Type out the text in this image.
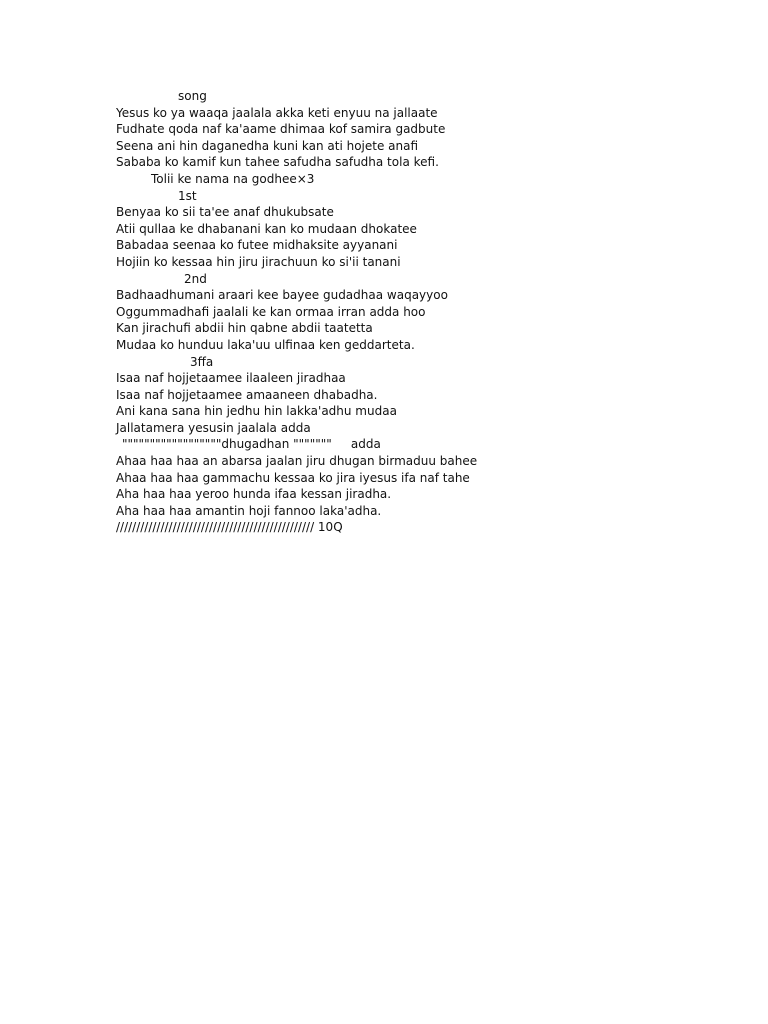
song
Yesus ko ya waaqa jaalala akka keti enyuu na jallaate
Fudhate qoda naf ka'aame dhimaa kof samira gadbute
Seena ani hin daganedha kuni kan ati hojete anafi
Sababa ko kamif kun tahee safudha safudha tola kefi.
Tolii ke nama na godhee×3
1st
Benyaa ko sii ta'ee anaf dhukubsate
Atii qullaa ke dhabanani kan ko mudaan dhokatee
Babadaa seenaa ko futee midhaksite ayyanani
Hojiin ko kessaa hin jiru jirachuun ko si'ii tanani
2nd
Badhaadhumani araari kee bayee gudadhaa waqayyoo
Oggummadhafi jaalali ke kan ormaa irran adda hoo
Kan jirachufi abdii hin qabne abdii taatetta
Mudaa ko hunduu laka'uu ulfinaa ken geddarteta.
3ffa
Isaa naf hojjetaamee ilaaleen jiradhaa
Isaa naf hojjetaamee amaaneen dhabadha.
Ani kana sana hin jedhu hin lakka'adhu mudaa
Jallatamera yesusin jaalala adda
""""""""""""""""""dhugadhan """""""     adda
Ahaa haa haa an abarsa jaalan jiru dhugan birmaduu bahee
Ahaa haa haa gammachu kessaa ko jira iyesus ifa naf tahe
Aha haa haa yeroo hunda ifaa kessan jiradha.
Aha haa haa amantin hoji fannoo laka'adha.
///////////////////////////////////////////////// 10Q
